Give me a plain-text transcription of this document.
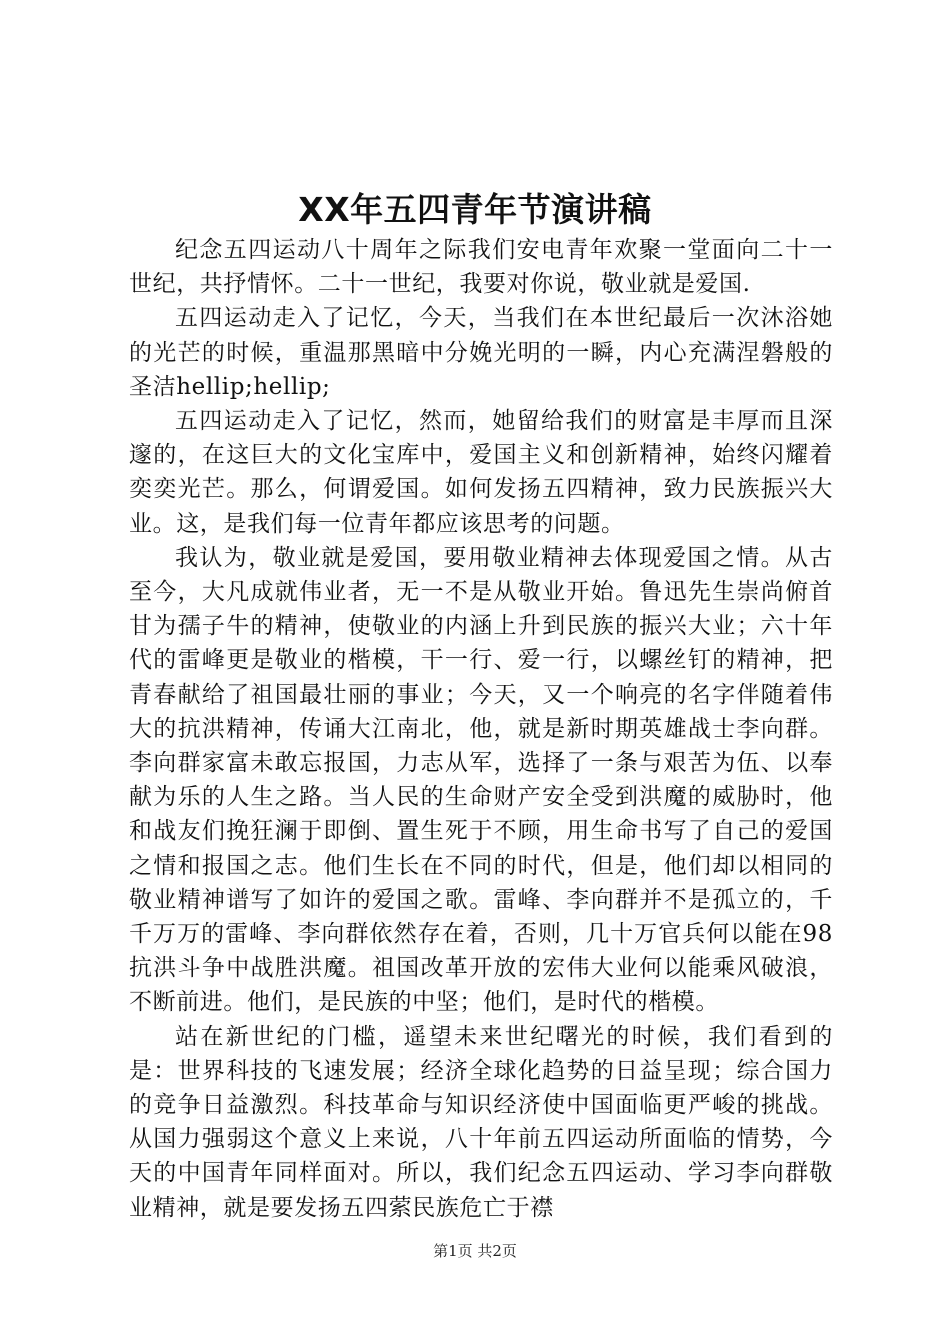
XX年五四青年节演讲稿

纪念五四运动八十周年之际我们安电青年欢聚一堂面向二十一世纪，共抒情怀。二十一世纪，我要对你说，敬业就是爱国.

五四运动走入了记忆，今天，当我们在本世纪最后一次沐浴她的光芒的时候，重温那黑暗中分娩光明的一瞬，内心充满涅磐般的圣洁hellip;hellip;

五四运动走入了记忆，然而，她留给我们的财富是丰厚而且深邃的，在这巨大的文化宝库中，爱国主义和创新精神，始终闪耀着奕奕光芒。那么，何谓爱国。如何发扬五四精神，致力民族振兴大业。这，是我们每一位青年都应该思考的问题。

我认为，敬业就是爱国，要用敬业精神去体现爱国之情。从古至今，大凡成就伟业者，无一不是从敬业开始。鲁迅先生崇尚俯首甘为孺子牛的精神，使敬业的内涵上升到民族的振兴大业；六十年代的雷峰更是敬业的楷模，干一行、爱一行，以螺丝钉的精神，把青春献给了祖国最壮丽的事业；今天，又一个响亮的名字伴随着伟大的抗洪精神，传诵大江南北，他，就是新时期英雄战士李向群。李向群家富未敢忘报国，力志从军，选择了一条与艰苦为伍、以奉献为乐的人生之路。当人民的生命财产安全受到洪魔的威胁时，他和战友们挽狂澜于即倒、置生死于不顾，用生命书写了自己的爱国之情和报国之志。他们生长在不同的时代，但是，他们却以相同的敬业精神谱写了如许的爱国之歌。雷峰、李向群并不是孤立的，千千万万的雷峰、李向群依然存在着，否则，几十万官兵何以能在98抗洪斗争中战胜洪魔。祖国改革开放的宏伟大业何以能乘风破浪，不断前进。他们，是民族的中坚；他们，是时代的楷模。

站在新世纪的门槛，遥望未来世纪曙光的时候，我们看到的是：世界科技的飞速发展；经济全球化趋势的日益呈现；综合国力的竞争日益激烈。科技革命与知识经济使中国面临更严峻的挑战。从国力强弱这个意义上来说，八十年前五四运动所面临的情势，今天的中国青年同样面对。所以，我们纪念五四运动、学习李向群敬业精神，就是要发扬五四萦民族危亡于襟

第1页 共2页
